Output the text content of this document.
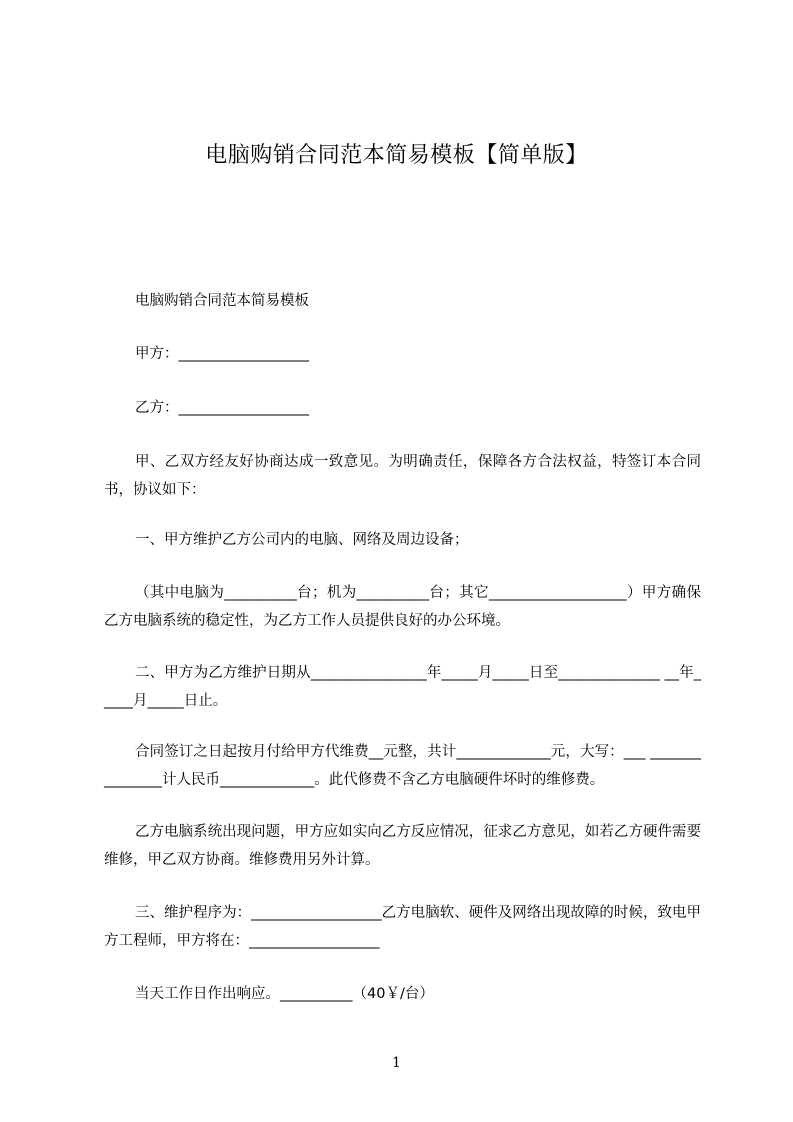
电脑购销合同范本简易模板【简单版】

电脑购销合同范本简易模板

甲方：__________________

乙方：__________________

甲、乙双方经友好协商达成一致意见。为明确责任，保障各方合法权益，特签订本合同书，协议如下：

一、甲方维护乙方公司内的电脑、网络及周边设备；

（其中电脑为__________台；机为__________台；其它___________________）甲方确保乙方电脑系统的稳定性，为乙方工作人员提供良好的办公环境。

二、甲方为乙方维护日期从________________年_____月_____日至______________ __年_____月_____日止。

合同签订之日起按月付给甲方代维费__元整，共计_____________元，大写：___ _______________计人民币_____________。此代修费不含乙方电脑硬件坏时的维修费。

乙方电脑系统出现问题，甲方应如实向乙方反应情况，征求乙方意见，如若乙方硬件需要维修，甲乙双方协商。维修费用另外计算。

三、维护程序为：__________________乙方电脑软、硬件及网络出现故障的时候，致电甲方工程师，甲方将在：__________________

当天工作日作出响应。__________（40￥/台）

1
